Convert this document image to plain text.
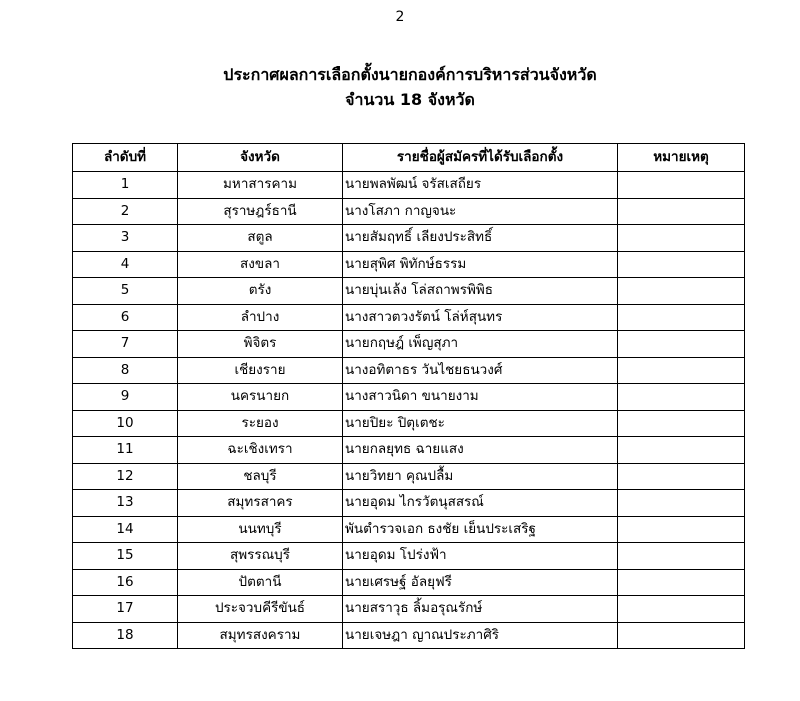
2
ประกาศผลการเลือกตั้งนายกองค์การบริหารส่วนจังหวัด
จำนวน 18 จังหวัด
ลำดับที่	จังหวัด	รายชื่อผู้สมัครที่ได้รับเลือกตั้ง	หมายเหตุ
1	มหาสารคาม	นายพลพัฒน์ จรัสเสถียร	
2	สุราษฎร์ธานี	นางโสภา กาญจนะ	
3	สตูล	นายสัมฤทธิ์ เลียงประสิทธิ์	
4	สงขลา	นายสุพิศ พิทักษ์ธรรม	
5	ตรัง	นายบุ่นเล้ง โล่สถาพรพิพิธ	
6	ลำปาง	นางสาวตวงรัตน์ โล่ห์สุนทร	
7	พิจิตร	นายกฤษฎ์ เพ็ญสุภา	
8	เชียงราย	นางอทิตาธร วันไชยธนวงศ์	
9	นครนายก	นางสาวนิดา ขนายงาม	
10	ระยอง	นายปิยะ ปิตุเตชะ	
11	ฉะเชิงเทรา	นายกลยุทธ ฉายแสง	
12	ชลบุรี	นายวิทยา คุณปลื้ม	
13	สมุทรสาคร	นายอุดม ไกรวัตนุสสรณ์	
14	นนทบุรี	พันตำรวจเอก ธงชัย เย็นประเสริฐ	
15	สุพรรณบุรี	นายอุดม โปร่งฟ้า	
16	ปัตตานี	นายเศรษฐ์ อัลยุฟรี	
17	ประจวบคีรีขันธ์	นายสราวุธ ลิ้มอรุณรักษ์	
18	สมุทรสงคราม	นายเจษฎา ญาณประภาศิริ	
